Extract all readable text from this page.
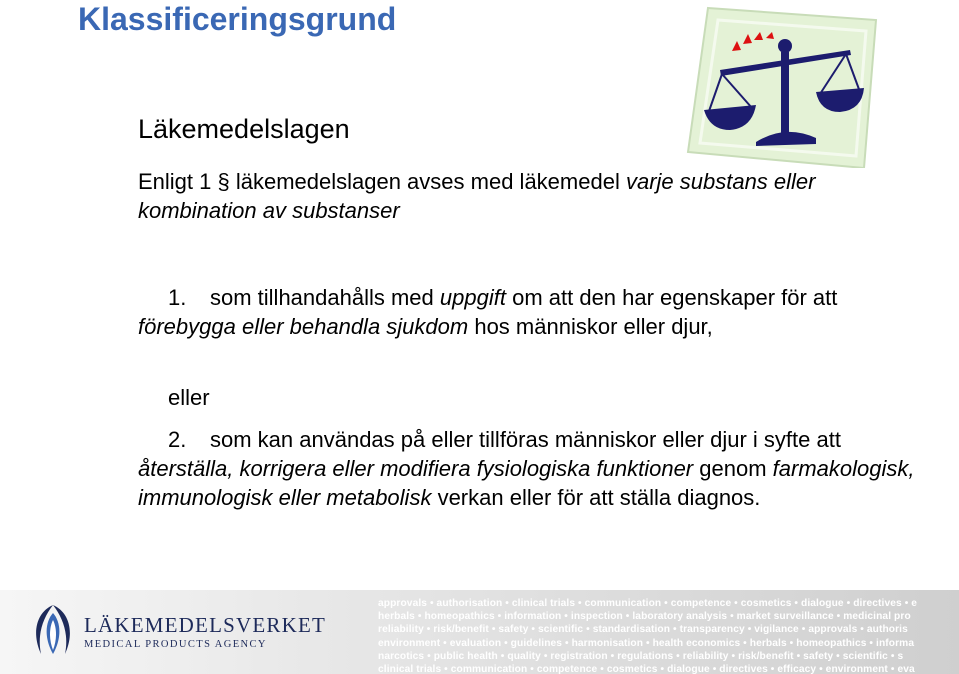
Klassificeringsgrund
Läkemedelslagen
Enligt 1 § läkemedelslagen avses med läkemedel varje substans eller kombination av substanser
1. som tillhandahålls med uppgift om att den har egenskaper för att förebygga eller behandla sjukdom hos människor eller djur,
eller
2. som kan användas på eller tillföras människor eller djur i syfte att återställa, korrigera eller modifiera fysiologiska funktioner genom farmakologisk, immunologisk eller metabolisk verkan eller för att ställa diagnos.
LÄKEMEDELSVERKET
MEDICAL PRODUCTS AGENCY
approvals • authorisation • clinical trials • communication • competence • cosmetics • dialogue • directives • e
herbals • homeopathics • information • inspection • laboratory analysis • market surveillance • medicinal pro
reliability • risk/benefit • safety • scientific • standardisation • transparency • vigilance • approvals • authoris
environment • evaluation • guidelines • harmonisation • health economics • herbals • homeopathics • informa
narcotics • public health • quality • registration • regulations • reliability • risk/benefit • safety • scientific • s
clinical trials • communication • competence • cosmetics • dialogue • directives • efficacy • environment • eva
